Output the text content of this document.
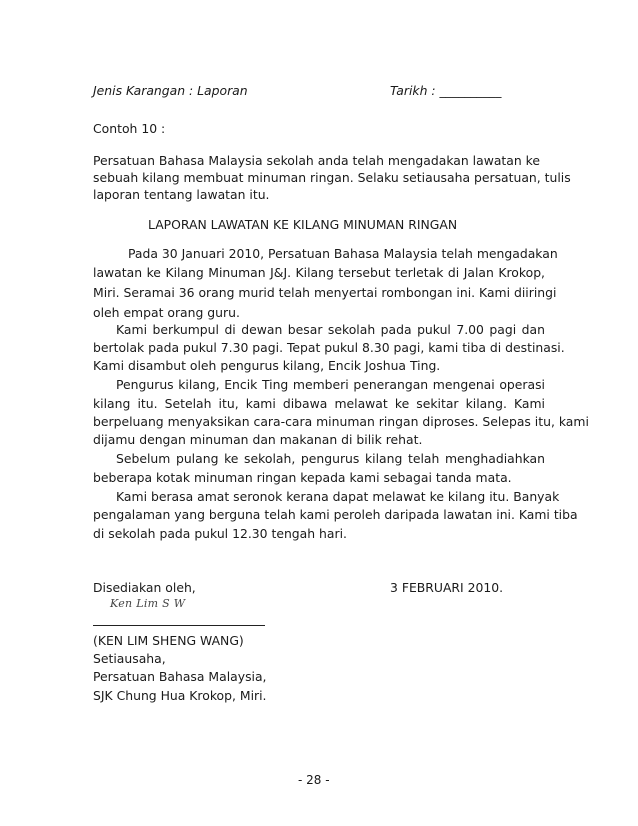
Jenis Karangan : Laporan	Tarikh : __________
Contoh 10 :
Persatuan Bahasa Malaysia sekolah anda telah mengadakan lawatan ke
sebuah kilang membuat minuman ringan. Selaku setiausaha persatuan, tulis
laporan tentang lawatan itu.
LAPORAN LAWATAN KE KILANG MINUMAN RINGAN
Pada 30 Januari 2010, Persatuan Bahasa Malaysia telah mengadakan
lawatan ke Kilang Minuman J&J. Kilang tersebut terletak di Jalan Krokop,
Miri. Seramai 36 orang murid telah menyertai rombongan ini. Kami diiringi
oleh empat orang guru.
Kami berkumpul di dewan besar sekolah pada pukul 7.00 pagi dan
bertolak pada pukul 7.30 pagi. Tepat pukul 8.30 pagi, kami tiba di destinasi.
Kami disambut oleh pengurus kilang, Encik Joshua Ting.
Pengurus kilang, Encik Ting memberi penerangan mengenai operasi
kilang itu. Setelah itu, kami dibawa melawat ke sekitar kilang. Kami
berpeluang menyaksikan cara-cara minuman ringan diproses. Selepas itu, kami
dijamu dengan minuman dan makanan di bilik rehat.
Sebelum pulang ke sekolah, pengurus kilang telah menghadiahkan
beberapa kotak minuman ringan kepada kami sebagai tanda mata.
Kami berasa amat seronok kerana dapat melawat ke kilang itu. Banyak
pengalaman yang berguna telah kami peroleh daripada lawatan ini. Kami tiba
di sekolah pada pukul 12.30 tengah hari.
Disediakan oleh,	3 FEBRUARI 2010.
Ken Lim S W
(KEN LIM SHENG WANG)
Setiausaha,
Persatuan Bahasa Malaysia,
SJK Chung Hua Krokop, Miri.
- 28 -
